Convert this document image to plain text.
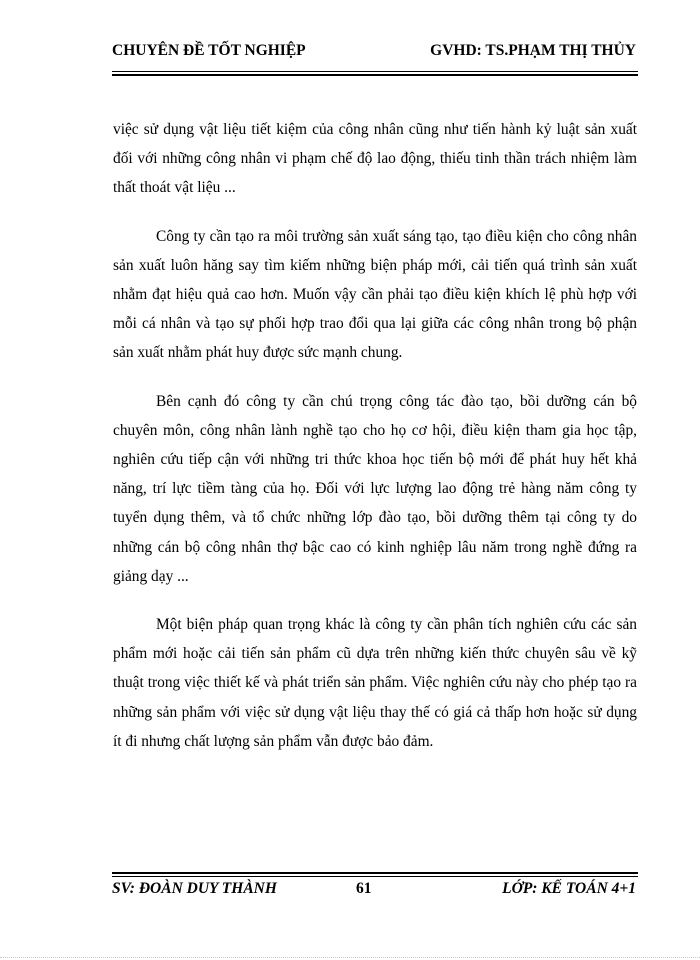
CHUYÊN ĐỀ TỐT NGHIỆP	GVHD: TS.PHẠM THỊ THỦY

việc sử dụng vật liệu tiết kiệm của công nhân cũng như tiến hành kỷ luật sản xuất đối với những công nhân vi phạm chế độ lao động, thiếu tinh thần trách nhiệm làm thất thoát vật liệu ...

Công ty cần tạo ra môi trường sản xuất sáng tạo, tạo điều kiện cho công nhân sản xuất luôn hăng say tìm kiếm những biện pháp mới, cải tiến quá trình sản xuất nhằm đạt hiệu quả cao hơn. Muốn vậy cần phải tạo điều kiện khích lệ phù hợp với mỗi cá nhân và tạo sự phối hợp trao đổi qua lại giữa các công nhân trong bộ phận sản xuất nhằm phát huy được sức mạnh chung.

Bên cạnh đó công ty cần chú trọng công tác đào tạo, bồi dưỡng cán bộ chuyên môn, công nhân lành nghề tạo cho họ cơ hội, điều kiện tham gia học tập, nghiên cứu tiếp cận với những tri thức khoa học tiến bộ mới để phát huy hết khả năng, trí lực tiềm tàng của họ. Đối với lực lượng lao động trẻ hàng năm công ty tuyển dụng thêm, và tổ chức những lớp đào tạo, bồi dưỡng thêm tại công ty do những cán bộ công nhân thợ bậc cao có kinh nghiệp lâu năm trong nghề đứng ra giảng dạy ...

Một biện pháp quan trọng khác là công ty cần phân tích nghiên cứu các sản phẩm mới hoặc cải tiến sản phẩm cũ dựa trên những kiến thức chuyên sâu về kỹ thuật trong việc thiết kế và phát triển sản phẩm. Việc nghiên cứu này cho phép tạo ra những sản phẩm với việc sử dụng vật liệu thay thế có giá cả thấp hơn hoặc sử dụng ít đi nhưng chất lượng sản phẩm vẫn được bảo đảm.

SV: ĐOÀN DUY THÀNH	61	LỚP: KẾ TOÁN 4+1
